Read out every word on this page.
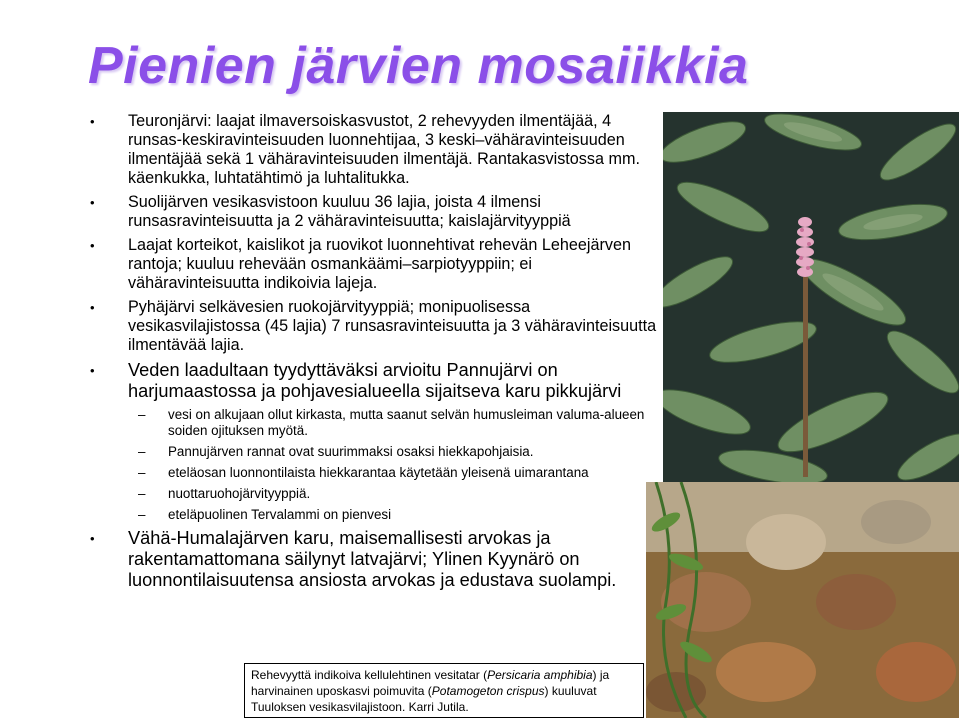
Pienien järvien mosaiikkia
• Teuronjärvi: laajat ilmaversoiskasvustot, 2 rehevyyden ilmentäjää, 4 runsas-keskiravinteisuuden luonnehtijaa, 3 keski–vähäravinteisuuden ilmentäjää sekä 1 vähäravinteisuuden ilmentäjä. Rantakasvistossa mm. käenkukka, luhtatähtimö ja luhtalitukka.
• Suolijärven vesikasvistoon kuuluu 36 lajia, joista 4 ilmensi runsasravinteisuutta ja 2 vähäravinteisuutta; kaislajärvityyppiä
• Laajat korteikot, kaislikot ja ruovikot luonnehtivat rehevän Leheejärven rantoja; kuuluu rehevään osmankäämi–sarpiotyyppiin; ei vähäravinteisuutta indikoivia lajeja.
• Pyhäjärvi selkävesien ruokojärvityyppiä; monipuolisessa vesikasvilajistossa (45 lajia) 7 runsasravinteisuutta ja 3 vähäravinteisuutta ilmentävää lajia.
• Veden laadultaan tyydyttäväksi arvioitu Pannujärvi on harjumaastossa ja pohjavesialueella sijaitseva karu pikkujärvi
– vesi on alkujaan ollut kirkasta, mutta saanut selvän humusleiman valuma-alueen soiden ojituksen myötä.
– Pannujärven rannat ovat suurimmaksi osaksi hiekkapohjaisia.
– eteläosan luonnontilaista hiekkarantaa käytetään yleisenä uimarantana
– nuottaruohojärvityyppiä.
– eteläpuolinen Tervalammi on pienvesi
• Vähä-Humalajärven karu, maisemallisesti arvokas ja rakentamattomana säilynyt latvajärvi; Ylinen Kyynärö on luonnontilaisuutensa ansiosta arvokas ja edustava suolampi.
Rehevyyttä indikoiva kellulehtinen vesitatar (Persicaria amphibia) ja harvinainen uposkasvi poimuvita (Potamogeton crispus) kuuluvat Tuuloksen vesikasvilajistoon. Karri Jutila.
